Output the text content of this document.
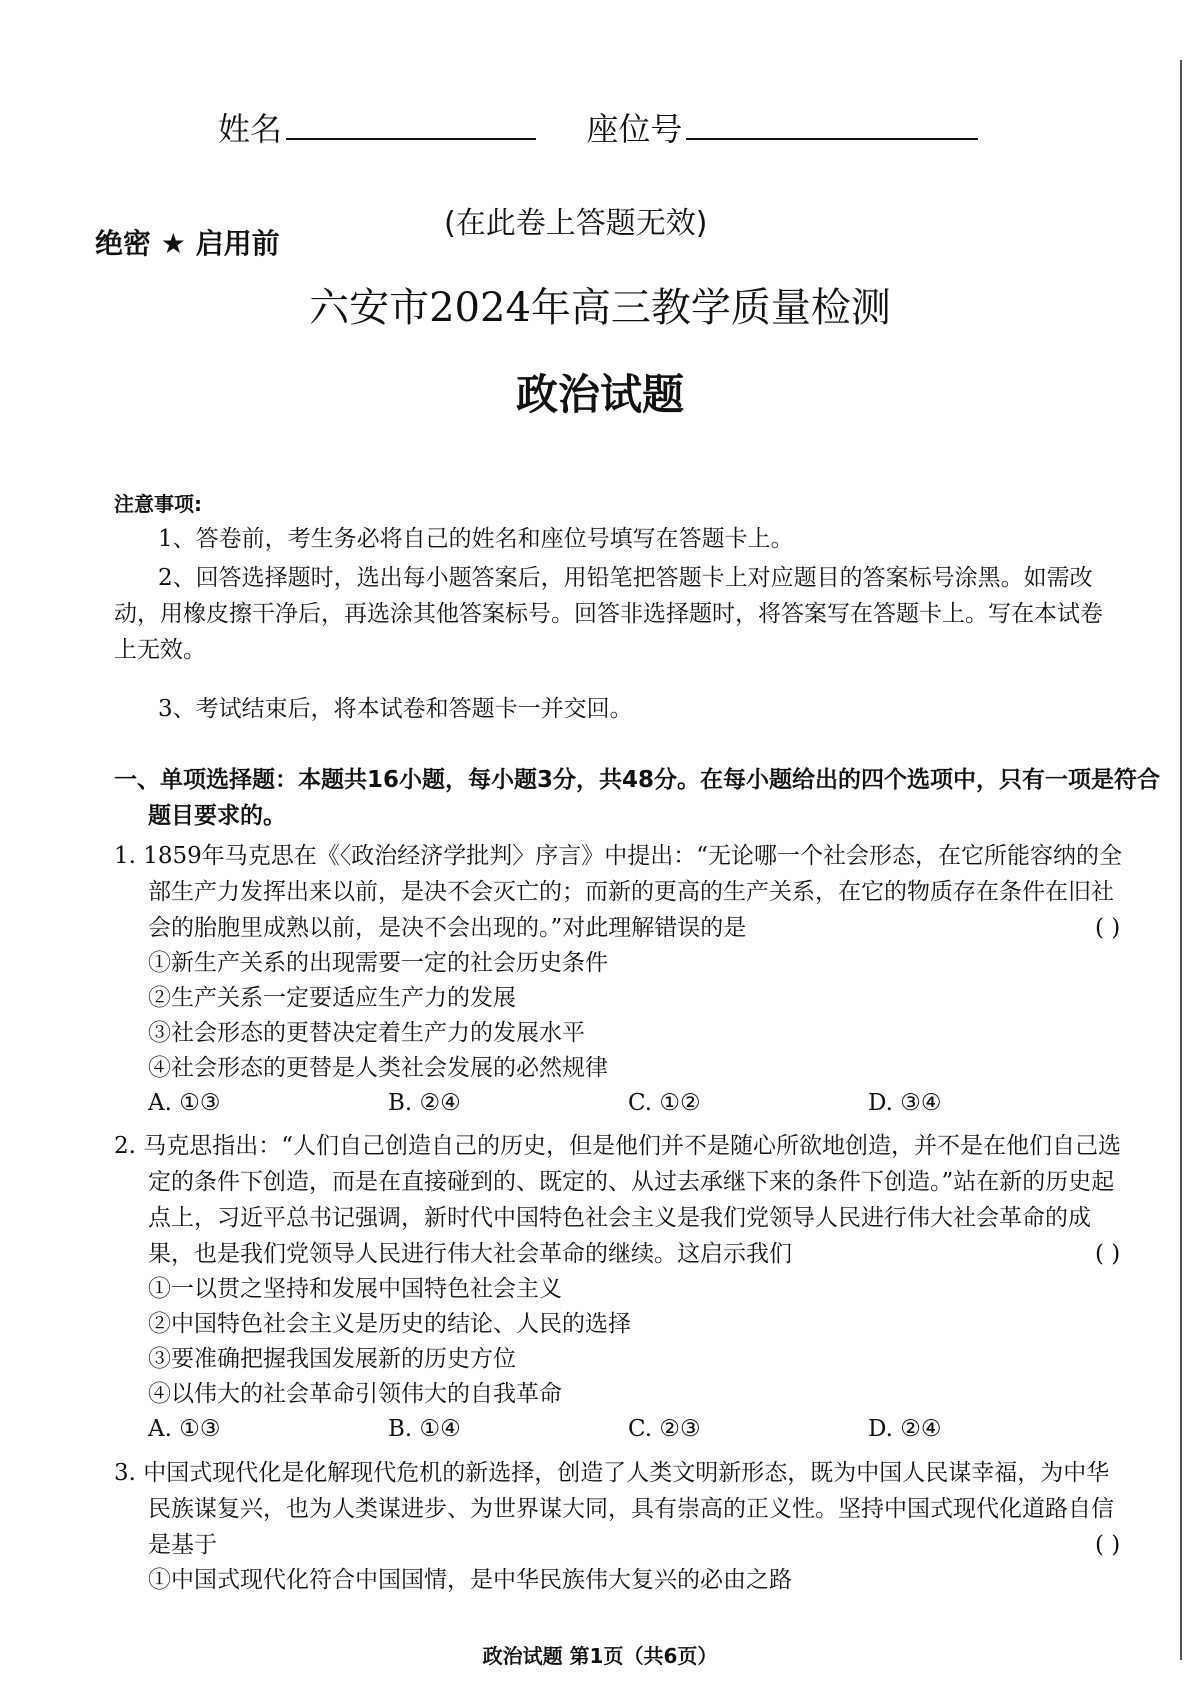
姓名	座位号
绝密 ★ 启用前
(在此卷上答题无效)
六安市2024年高三教学质量检测
政治试题
注意事项:
1、答卷前，考生务必将自己的姓名和座位号填写在答题卡上。
2、回答选择题时，选出每小题答案后，用铅笔把答题卡上对应题目的答案标号涂黑。如需改动，用橡皮擦干净后，再选涂其他答案标号。回答非选择题时，将答案写在答题卡上。写在本试卷上无效。
3、考试结束后，将本试卷和答题卡一并交回。
一、单项选择题：本题共16小题，每小题3分，共48分。在每小题给出的四个选项中，只有一项是符合题目要求的。
1. 1859年马克思在《〈政治经济学批判〉序言》中提出：“无论哪一个社会形态，在它所能容纳的全部生产力发挥出来以前，是决不会灭亡的；而新的更高的生产关系，在它的物质存在条件在旧社会的胎胞里成熟以前，是决不会出现的。”对此理解错误的是	( )
①新生产关系的出现需要一定的社会历史条件
②生产关系一定要适应生产力的发展
③社会形态的更替决定着生产力的发展水平
④社会形态的更替是人类社会发展的必然规律
A. ①③	B. ②④	C. ①②	D. ③④
2. 马克思指出：“人们自己创造自己的历史，但是他们并不是随心所欲地创造，并不是在他们自己选定的条件下创造，而是在直接碰到的、既定的、从过去承继下来的条件下创造。”站在新的历史起点上，习近平总书记强调，新时代中国特色社会主义是我们党领导人民进行伟大社会革命的成果，也是我们党领导人民进行伟大社会革命的继续。这启示我们	( )
①一以贯之坚持和发展中国特色社会主义
②中国特色社会主义是历史的结论、人民的选择
③要准确把握我国发展新的历史方位
④以伟大的社会革命引领伟大的自我革命
A. ①③	B. ①④	C. ②③	D. ②④
3. 中国式现代化是化解现代危机的新选择，创造了人类文明新形态，既为中国人民谋幸福，为中华民族谋复兴，也为人类谋进步、为世界谋大同，具有崇高的正义性。坚持中国式现代化道路自信是基于	( )
①中国式现代化符合中国国情，是中华民族伟大复兴的必由之路
政治试题 第1页（共6页）
